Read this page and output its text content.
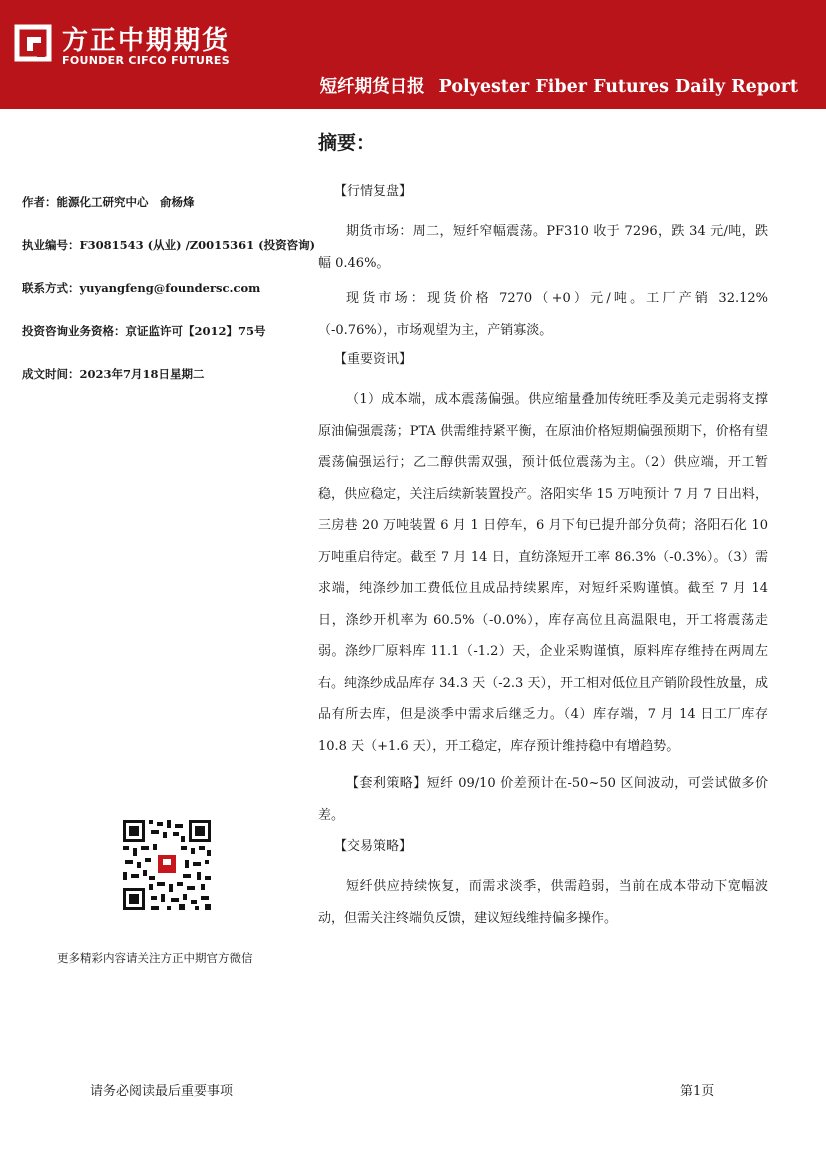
方正中期期货
FOUNDER CIFCO FUTURES
短纤期货日报 Polyester Fiber Futures Daily Report
作者：能源化工研究中心　俞杨烽
执业编号：F3081543 (从业) /Z0015361 (投资咨询)
联系方式：yuyangfeng@foundersc.com
投资咨询业务资格：京证监许可【2012】75号
成文时间：2023年7月18日星期二
更多精彩内容请关注方正中期官方微信
摘要：
【行情复盘】

期货市场：周二，短纤窄幅震荡。PF310 收于 7296，跌 34 元/吨，跌幅 0.46%。

现货市场：现货价格 7270（+0）元/吨。工厂产销 32.12%（-0.76%），市场观望为主，产销寡淡。

【重要资讯】

（1）成本端，成本震荡偏强。供应缩量叠加传统旺季及美元走弱将支撑原油偏强震荡；PTA 供需维持紧平衡，在原油价格短期偏强预期下，价格有望震荡偏强运行；乙二醇供需双强，预计低位震荡为主。（2）供应端，开工暂稳，供应稳定，关注后续新装置投产。洛阳实华 15 万吨预计 7 月 7 日出料，三房巷 20 万吨装置 6 月 1 日停车，6 月下旬已提升部分负荷；洛阳石化 10 万吨重启待定。截至 7 月 14 日，直纺涤短开工率 86.3%（-0.3%）。（3）需求端，纯涤纱加工费低位且成品持续累库，对短纤采购谨慎。截至 7 月 14 日，涤纱开机率为 60.5%（-0.0%），库存高位且高温限电，开工将震荡走弱。涤纱厂原料库 11.1（-1.2）天，企业采购谨慎，原料库存维持在两周左右。纯涤纱成品库存 34.3 天（-2.3 天），开工相对低位且产销阶段性放量，成品有所去库，但是淡季中需求后继乏力。（4）库存端，7 月 14 日工厂库存 10.8 天（+1.6 天），开工稳定，库存预计维持稳中有增趋势。

【套利策略】短纤 09/10 价差预计在-50~50 区间波动，可尝试做多价差。

【交易策略】

短纤供应持续恢复，而需求淡季，供需趋弱，当前在成本带动下宽幅波动，但需关注终端负反馈，建议短线维持偏多操作。

请务必阅读最后重要事项	第1页
